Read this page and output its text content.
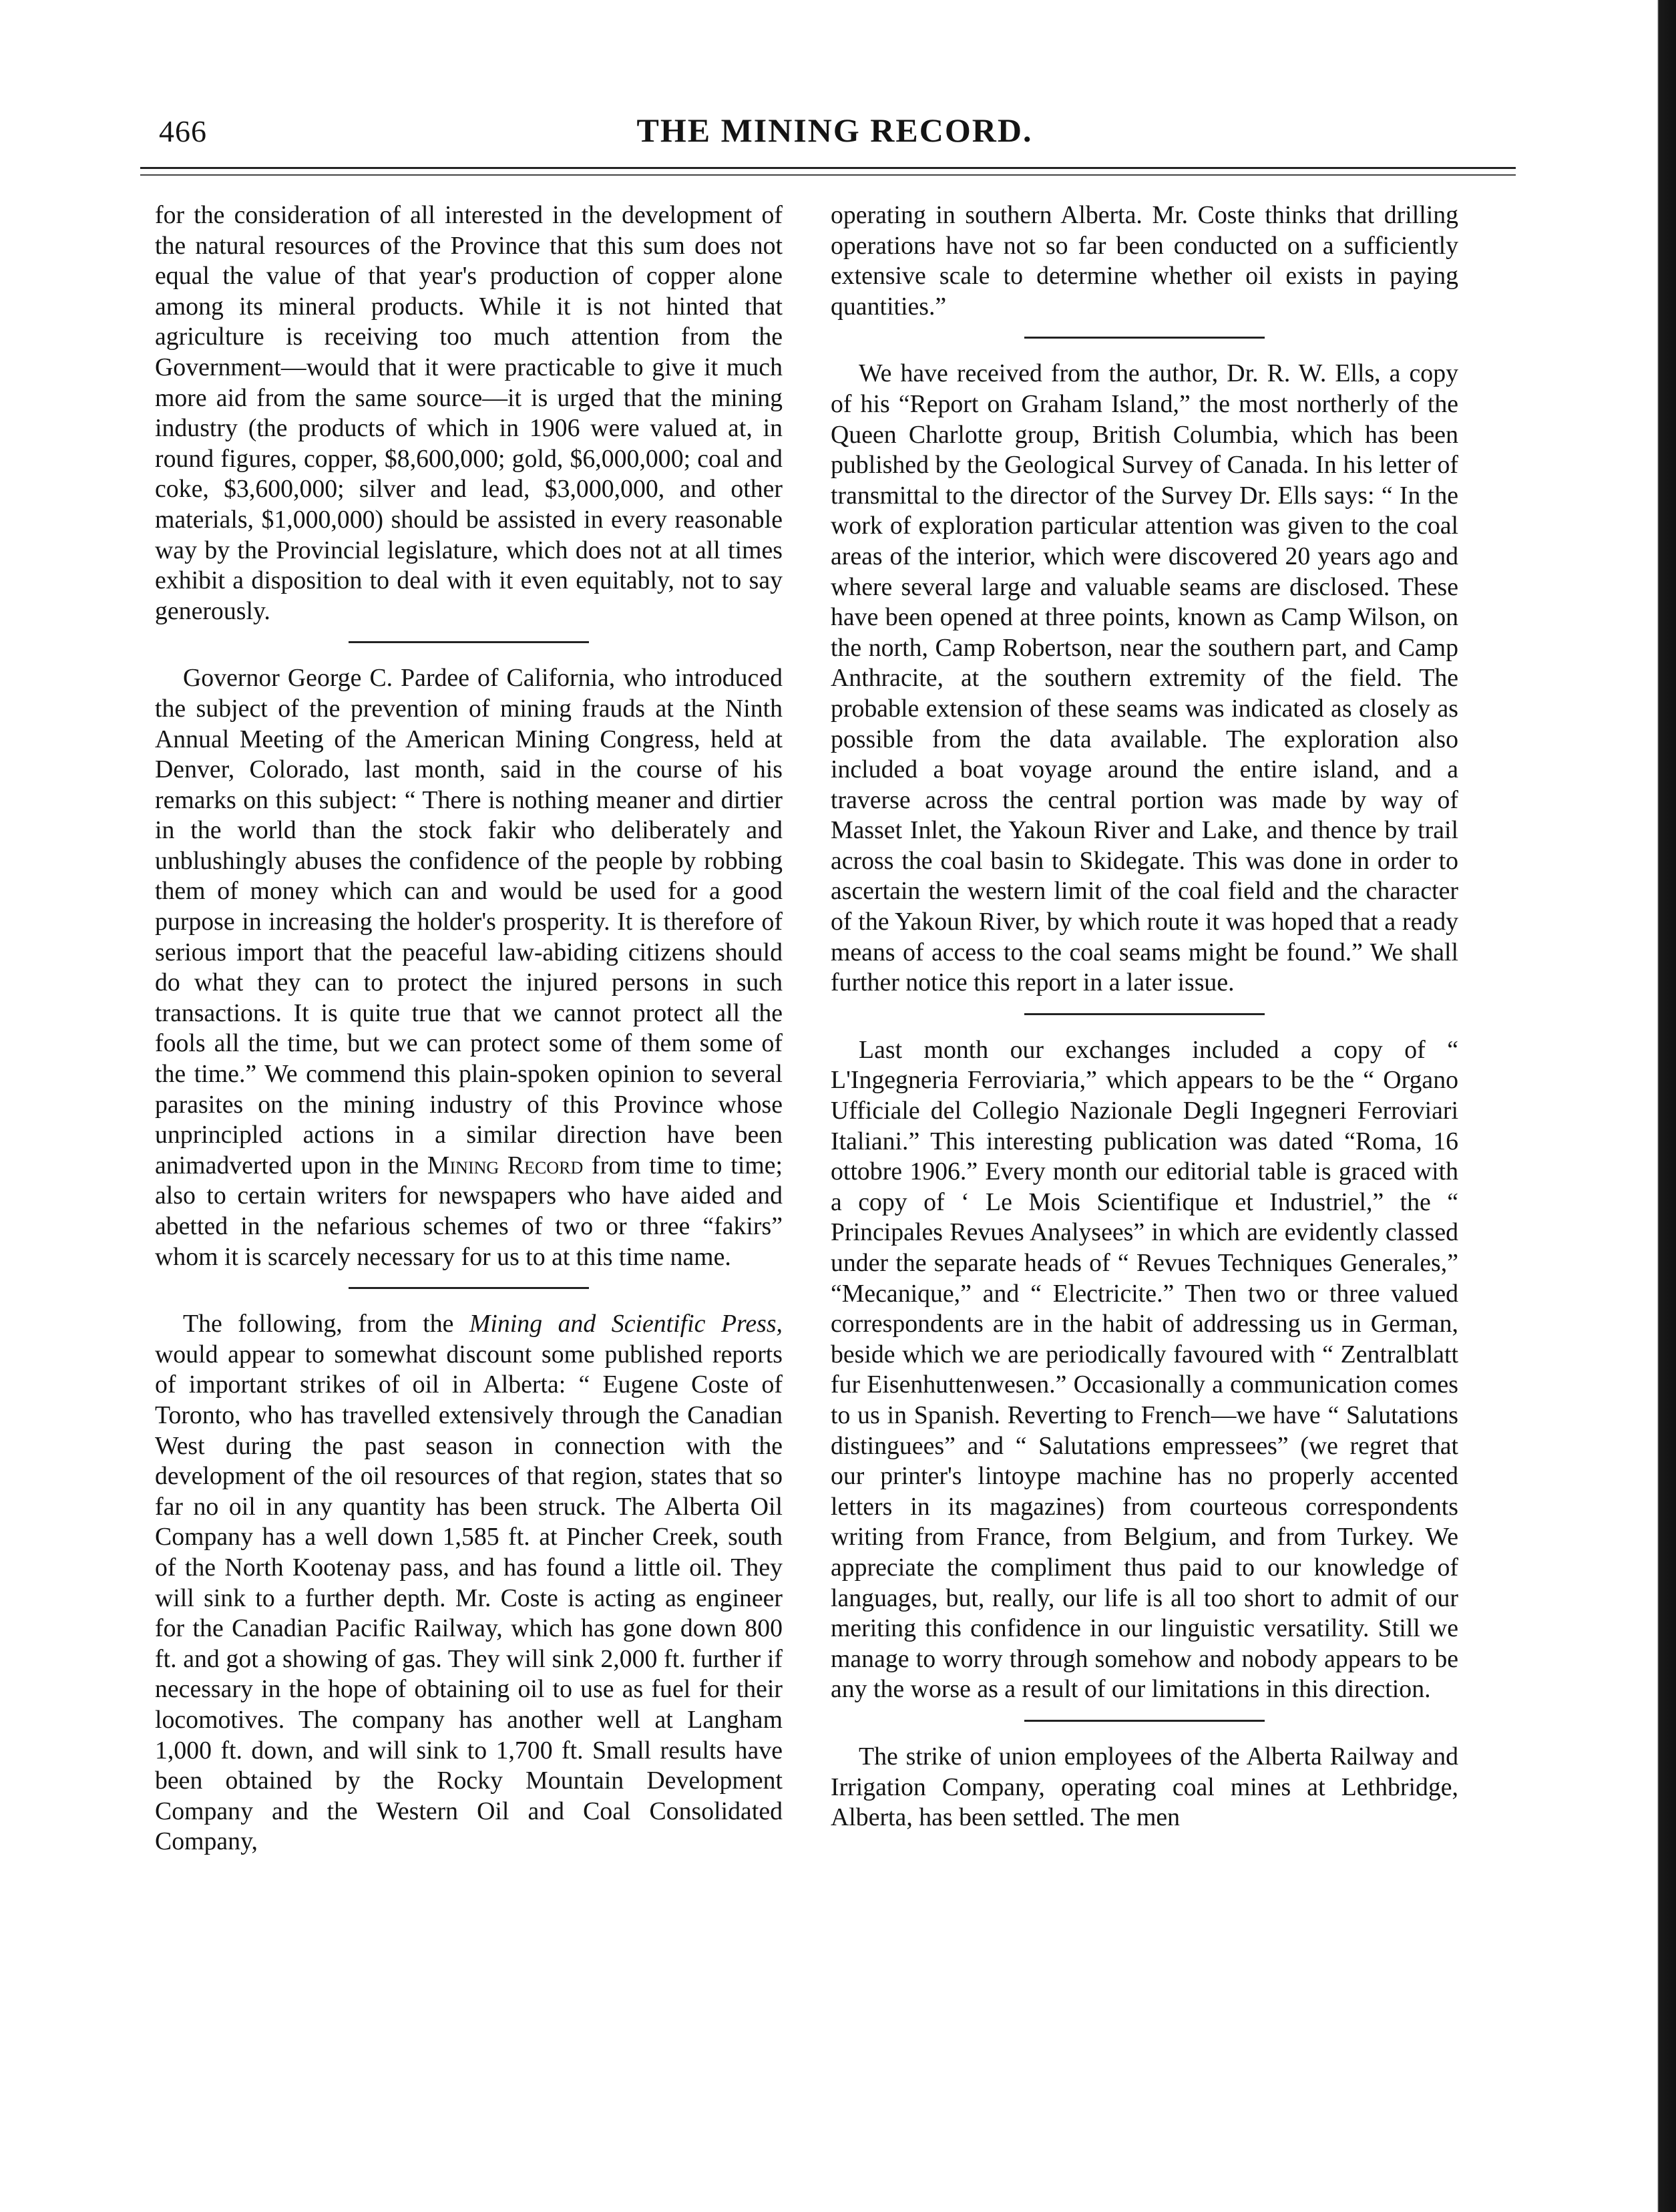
466	THE MINING RECORD.

for the consideration of all interested in the development of the natural resources of the Province that this sum does not equal the value of that year's production of copper alone among its mineral products. While it is not hinted that agriculture is receiving too much attention from the Government—would that it were practicable to give it much more aid from the same source—it is urged that the mining industry (the products of which in 1906 were valued at, in round figures, copper, $8,600,000; gold, $6,000,000; coal and coke, $3,600,000; silver and lead, $3,000,000, and other materials, $1,000,000) should be assisted in every reasonable way by the Provincial legislature, which does not at all times exhibit a disposition to deal with it even equitably, not to say generously.

Governor George C. Pardee of California, who introduced the subject of the prevention of mining frauds at the Ninth Annual Meeting of the American Mining Congress, held at Denver, Colorado, last month, said in the course of his remarks on this subject: “ There is nothing meaner and dirtier in the world than the stock fakir who deliberately and unblushingly abuses the confidence of the people by robbing them of money which can and would be used for a good purpose in increasing the holder's prosperity. It is therefore of serious import that the peaceful law-abiding citizens should do what they can to protect the injured persons in such transactions. It is quite true that we cannot protect all the fools all the time, but we can protect some of them some of the time.” We commend this plain-spoken opinion to several parasites on the mining industry of this Province whose unprincipled actions in a similar direction have been animadverted upon in the Mining Record from time to time; also to certain writers for newspapers who have aided and abetted in the nefarious schemes of two or three “fakirs” whom it is scarcely necessary for us to at this time name.

The following, from the Mining and Scientific Press, would appear to somewhat discount some published reports of important strikes of oil in Alberta: “ Eugene Coste of Toronto, who has travelled extensively through the Canadian West during the past season in connection with the development of the oil resources of that region, states that so far no oil in any quantity has been struck. The Alberta Oil Company has a well down 1,585 ft. at Pincher Creek, south of the North Kootenay pass, and has found a little oil. They will sink to a further depth. Mr. Coste is acting as engineer for the Canadian Pacific Railway, which has gone down 800 ft. and got a showing of gas. They will sink 2,000 ft. further if necessary in the hope of obtaining oil to use as fuel for their locomotives. The company has another well at Langham 1,000 ft. down, and will sink to 1,700 ft. Small results have been obtained by the Rocky Mountain Development Company and the Western Oil and Coal Consolidated Company,

operating in southern Alberta. Mr. Coste thinks that drilling operations have not so far been conducted on a sufficiently extensive scale to determine whether oil exists in paying quantities.”

We have received from the author, Dr. R. W. Ells, a copy of his “Report on Graham Island,” the most northerly of the Queen Charlotte group, British Columbia, which has been published by the Geological Survey of Canada. In his letter of transmittal to the director of the Survey Dr. Ells says: “ In the work of exploration particular attention was given to the coal areas of the interior, which were discovered 20 years ago and where several large and valuable seams are disclosed. These have been opened at three points, known as Camp Wilson, on the north, Camp Robertson, near the southern part, and Camp Anthracite, at the southern extremity of the field. The probable extension of these seams was indicated as closely as possible from the data available. The exploration also included a boat voyage around the entire island, and a traverse across the central portion was made by way of Masset Inlet, the Yakoun River and Lake, and thence by trail across the coal basin to Skidegate. This was done in order to ascertain the western limit of the coal field and the character of the Yakoun River, by which route it was hoped that a ready means of access to the coal seams might be found.” We shall further notice this report in a later issue.

Last month our exchanges included a copy of “ L'Ingegneria Ferroviaria,” which appears to be the “ Organo Ufficiale del Collegio Nazionale Degli Ingegneri Ferroviari Italiani.” This interesting publication was dated “Roma, 16 ottobre 1906.” Every month our editorial table is graced with a copy of ‘ Le Mois Scientifique et Industriel,” the “ Principales Revues Analysees” in which are evidently classed under the separate heads of “ Revues Techniques Generales,” “Mecanique,” and “ Electricite.” Then two or three valued correspondents are in the habit of addressing us in German, beside which we are periodically favoured with “ Zentralblatt fur Eisenhuttenwesen.” Occasionally a communication comes to us in Spanish. Reverting to French—we have “ Salutations distinguees” and “ Salutations empressees” (we regret that our printer's lintoype machine has no properly accented letters in its magazines) from courteous correspondents writing from France, from Belgium, and from Turkey. We appreciate the compliment thus paid to our knowledge of languages, but, really, our life is all too short to admit of our meriting this confidence in our linguistic versatility. Still we manage to worry through somehow and nobody appears to be any the worse as a result of our limitations in this direction.

The strike of union employees of the Alberta Railway and Irrigation Company, operating coal mines at Lethbridge, Alberta, has been settled. The men
